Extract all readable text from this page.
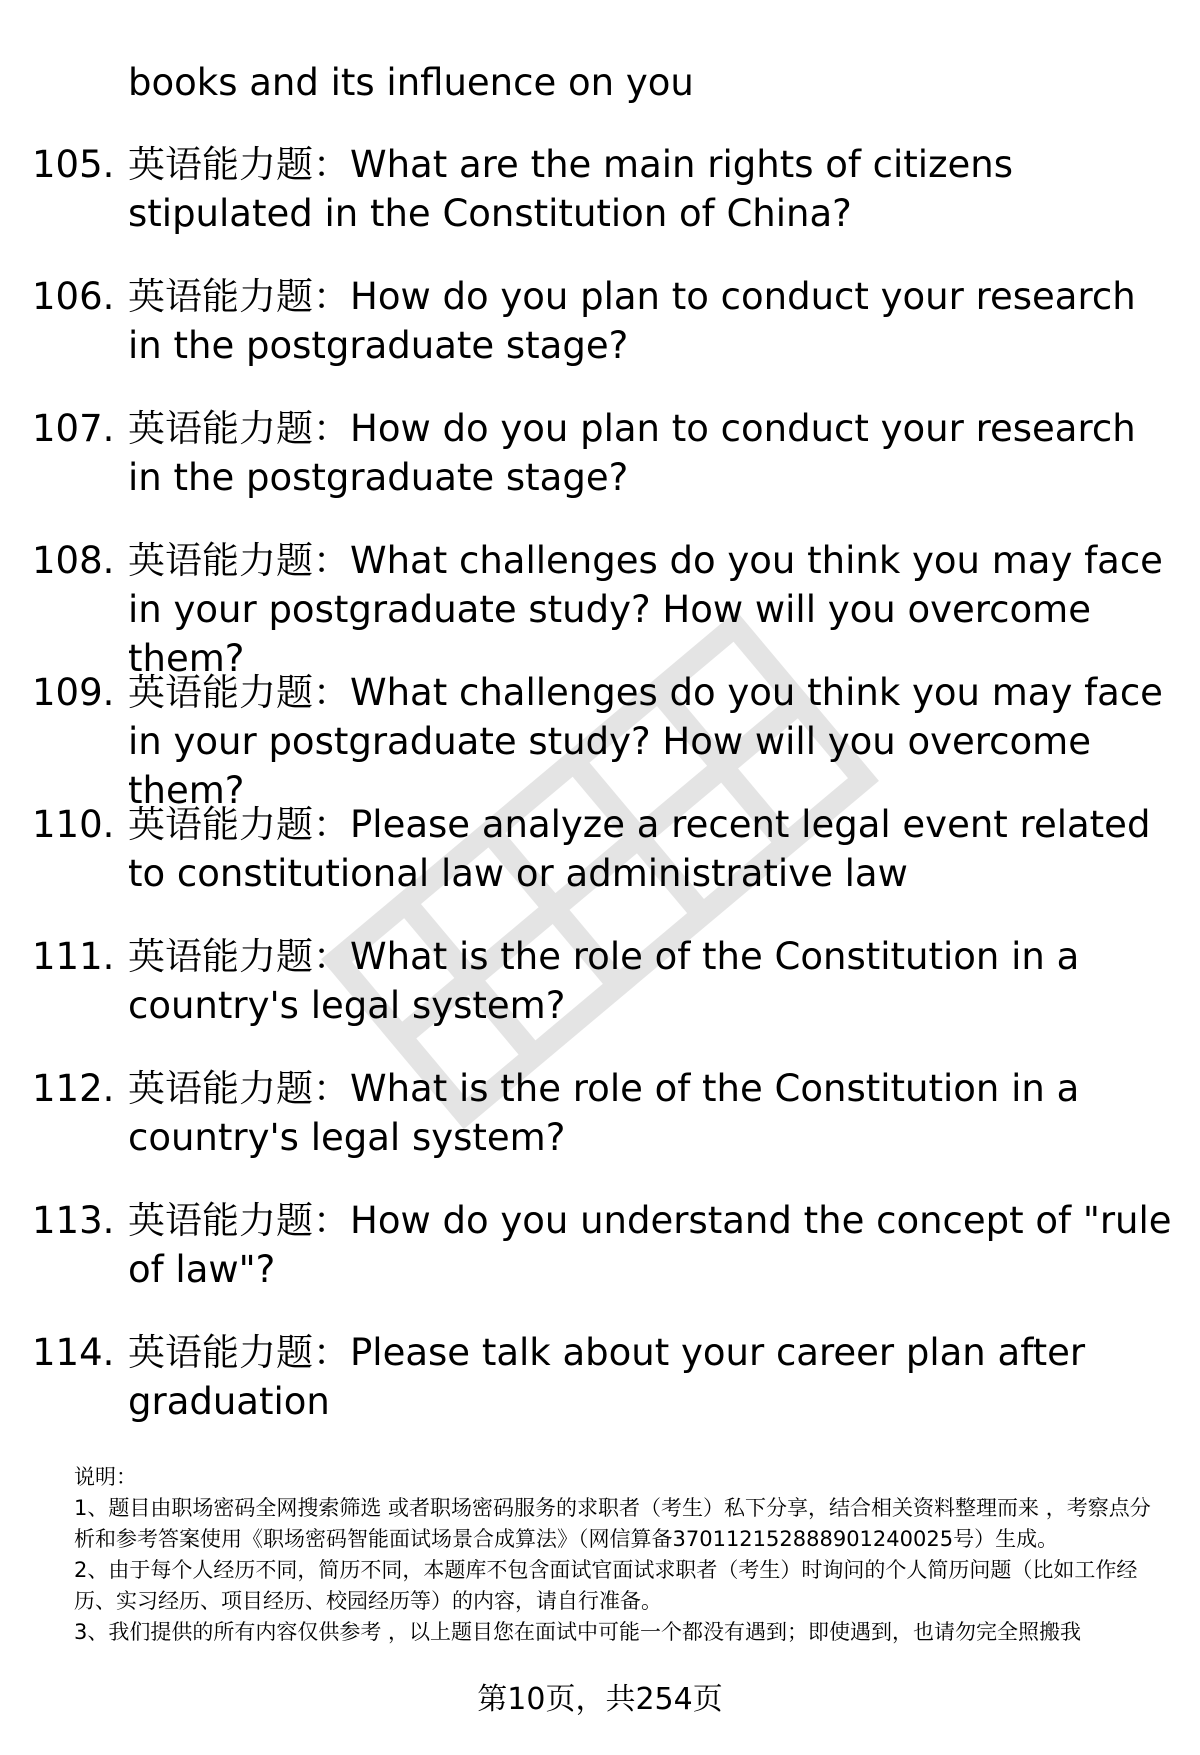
books and its influence on you
105. 英语能力题：What are the main rights of citizens stipulated in the Constitution of China?
106. 英语能力题：How do you plan to conduct your research in the postgraduate stage?
107. 英语能力题：How do you plan to conduct your research in the postgraduate stage?
108. 英语能力题：What challenges do you think you may face in your postgraduate study? How will you overcome them?
109. 英语能力题：What challenges do you think you may face in your postgraduate study? How will you overcome them?
110. 英语能力题：Please analyze a recent legal event related to constitutional law or administrative law
111. 英语能力题：What is the role of the Constitution in a country's legal system?
112. 英语能力题：What is the role of the Constitution in a country's legal system?
113. 英语能力题：How do you understand the concept of "rule of law"?
114. 英语能力题：Please talk about your career plan after graduation

说明：

1、题目由职场密码全网搜索筛选 或者职场密码服务的求职者（考生）私下分享，结合相关资料整理而来 ，考察点分析和参考答案使用《职场密码智能面试场景合成算法》（网信算备370112152888901240025号）生成。

2、由于每个人经历不同，简历不同，本题库不包含面试官面试求职者（考生）时询问的个人简历问题（比如工作经历、实习经历、项目经历、校园经历等）的内容，请自行准备。

3、我们提供的所有内容仅供参考 ，以上题目您在面试中可能一个都没有遇到；即使遇到，也请勿完全照搬我

第10页，共254页
